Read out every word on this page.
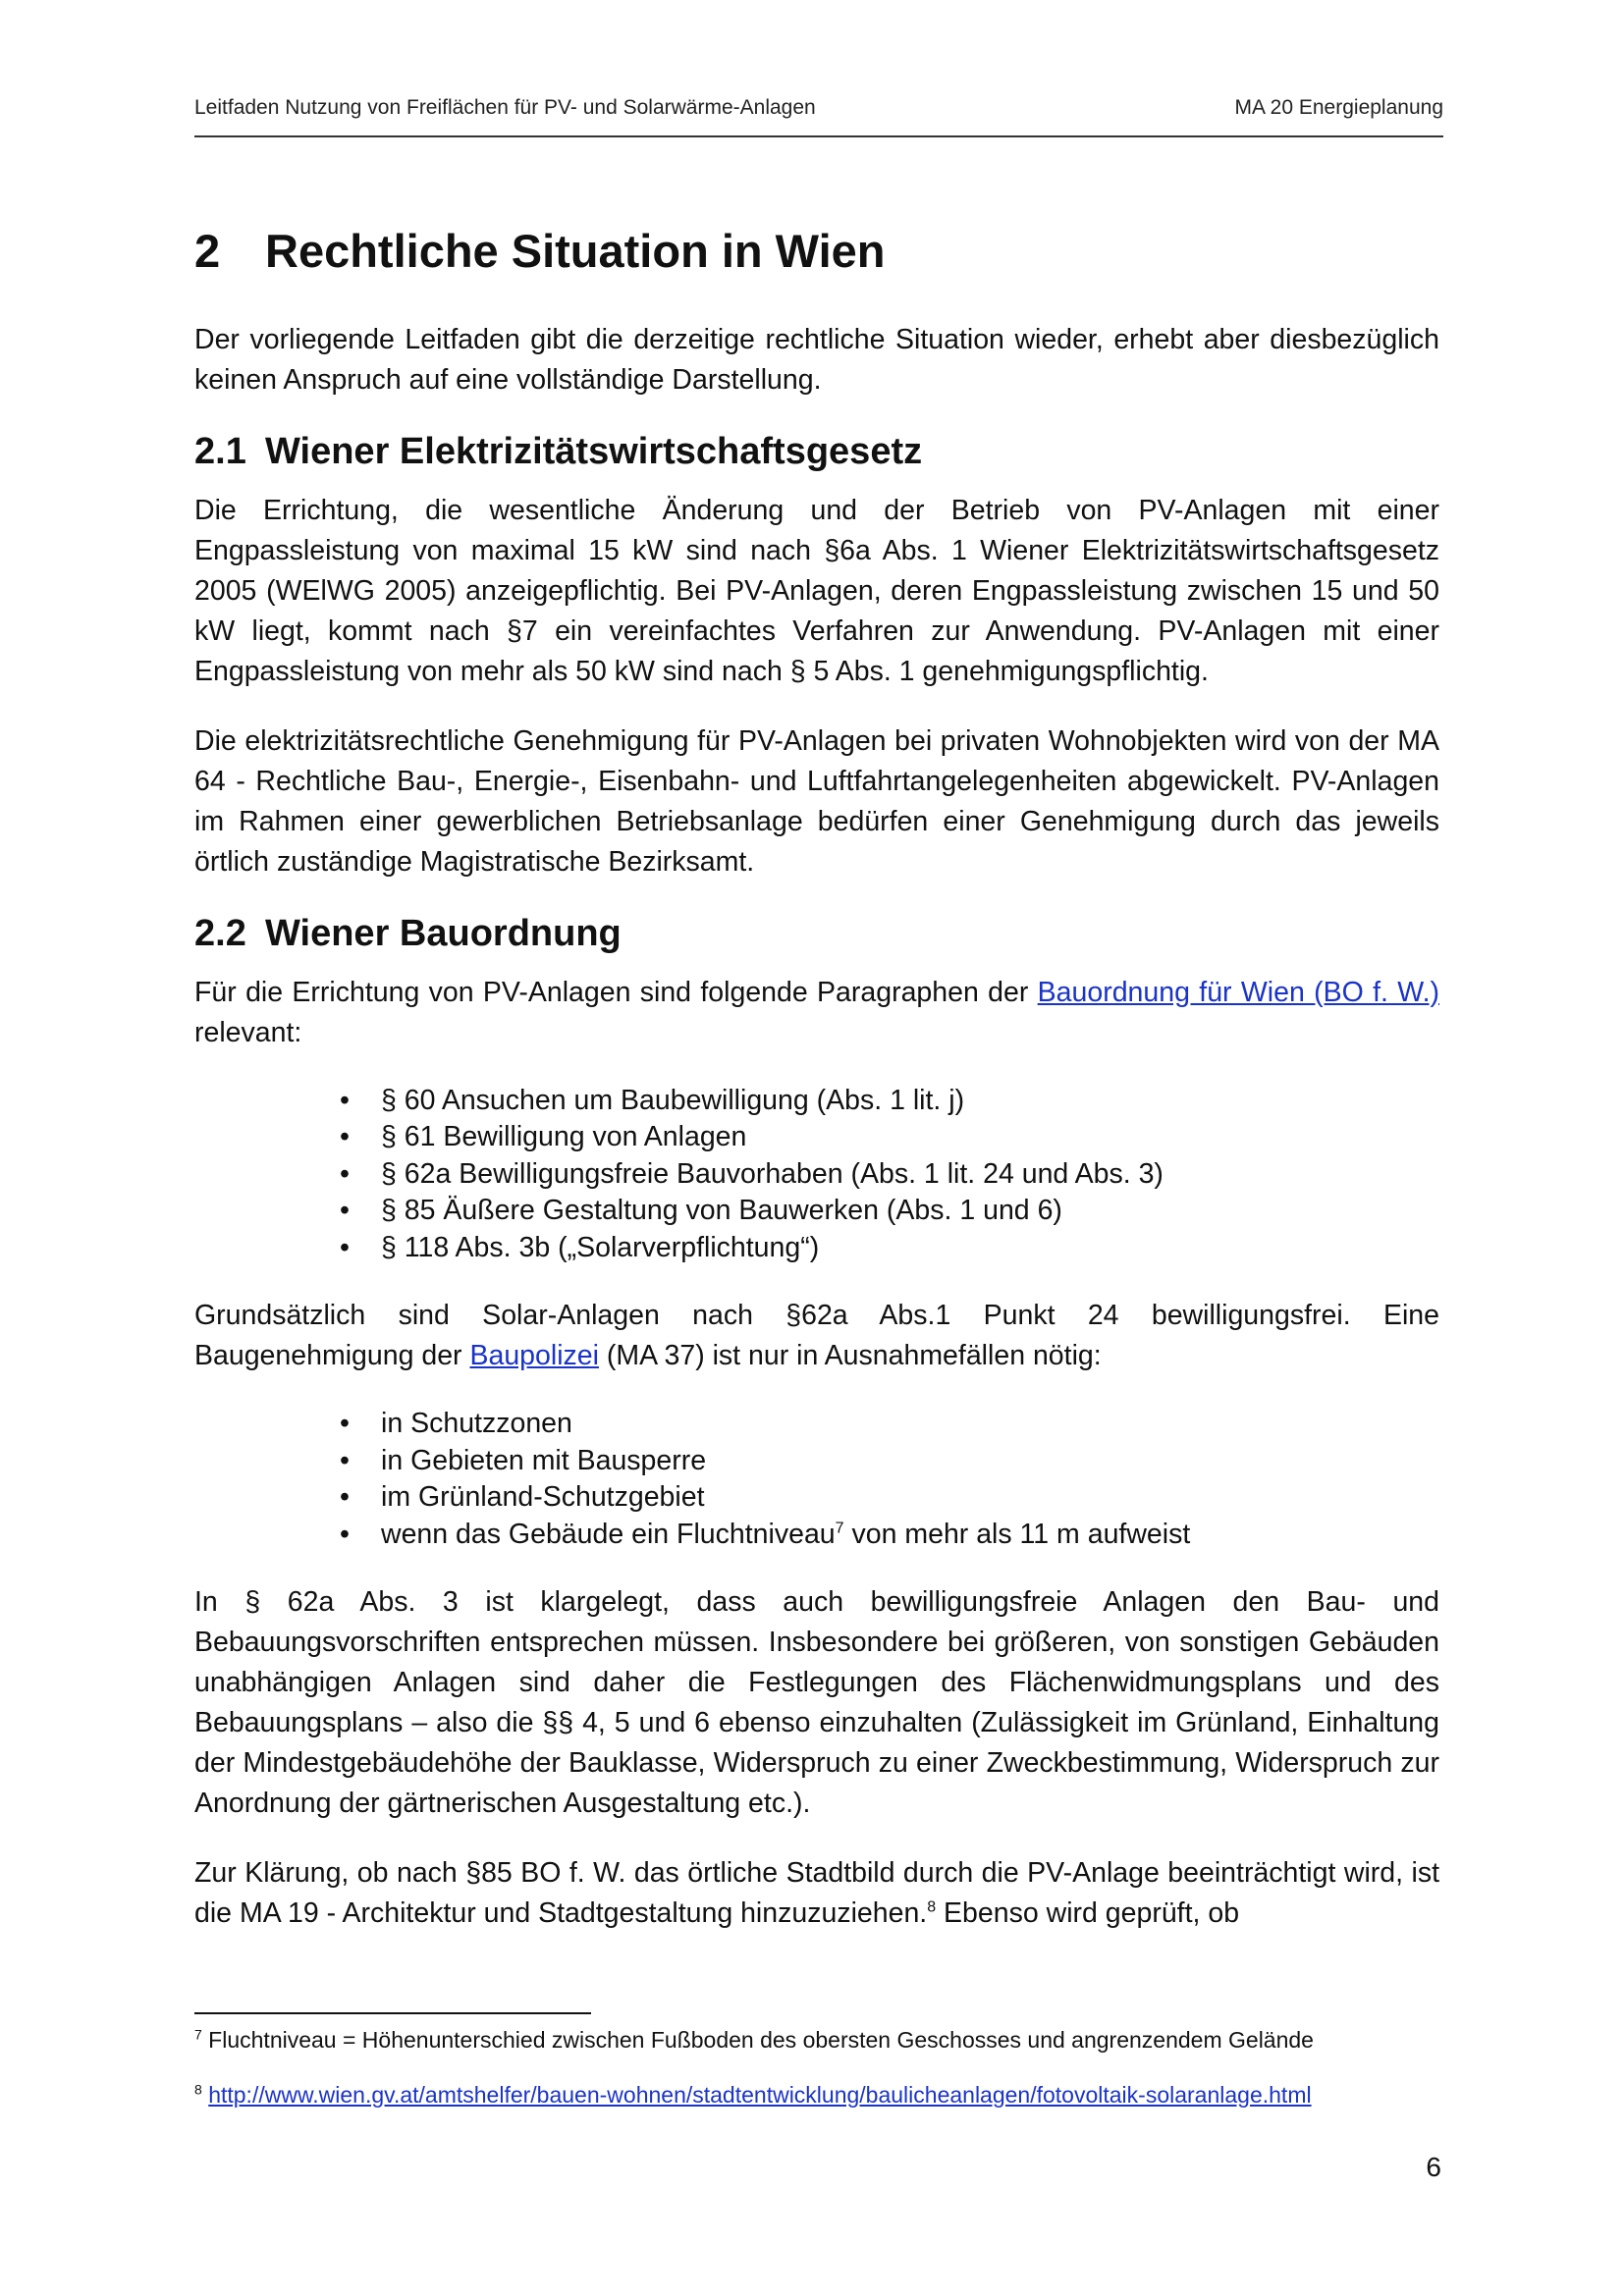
Leitfaden Nutzung von Freiflächen für PV- und Solarwärme-Anlagen	MA 20 Energieplanung
2 Rechtliche Situation in Wien

Der vorliegende Leitfaden gibt die derzeitige rechtliche Situation wieder, erhebt aber diesbezüglich keinen Anspruch auf eine vollständige Darstellung.

2.1 Wiener Elektrizitätswirtschaftsgesetz

Die Errichtung, die wesentliche Änderung und der Betrieb von PV-Anlagen mit einer Engpassleistung von maximal 15 kW sind nach §6a Abs. 1 Wiener Elektrizitätswirtschaftsgesetz 2005 (WElWG 2005) anzeigepflichtig. Bei PV-Anlagen, deren Engpassleistung zwischen 15 und 50 kW liegt, kommt nach §7 ein vereinfachtes Verfahren zur Anwendung. PV-Anlagen mit einer Engpassleistung von mehr als 50 kW sind nach § 5 Abs. 1 genehmigungspflichtig.

Die elektrizitätsrechtliche Genehmigung für PV-Anlagen bei privaten Wohnobjekten wird von der MA 64 - Rechtliche Bau-, Energie-, Eisenbahn- und Luftfahrtangelegenheiten abgewickelt. PV-Anlagen im Rahmen einer gewerblichen Betriebsanlage bedürfen einer Genehmigung durch das jeweils örtlich zuständige Magistratische Bezirksamt.

2.2 Wiener Bauordnung

Für die Errichtung von PV-Anlagen sind folgende Paragraphen der Bauordnung für Wien (BO f. W.) relevant:

• § 60 Ansuchen um Baubewilligung (Abs. 1 lit. j)
• § 61 Bewilligung von Anlagen
• § 62a Bewilligungsfreie Bauvorhaben (Abs. 1 lit. 24 und Abs. 3)
• § 85 Äußere Gestaltung von Bauwerken (Abs. 1 und 6)
• § 118 Abs. 3b („Solarverpflichtung“)

Grundsätzlich sind Solar-Anlagen nach §62a Abs.1 Punkt 24 bewilligungsfrei. Eine Baugenehmigung der Baupolizei (MA 37) ist nur in Ausnahmefällen nötig:

• in Schutzzonen
• in Gebieten mit Bausperre
• im Grünland-Schutzgebiet
• wenn das Gebäude ein Fluchtniveau$^7$ von mehr als 11 m aufweist

In § 62a Abs. 3 ist klargelegt, dass auch bewilligungsfreie Anlagen den Bau- und Bebauungsvorschriften entsprechen müssen. Insbesondere bei größeren, von sonstigen Gebäuden unabhängigen Anlagen sind daher die Festlegungen des Flächenwidmungsplans und des Bebauungsplans – also die §§ 4, 5 und 6 ebenso einzuhalten (Zulässigkeit im Grünland, Einhaltung der Mindestgebäudehöhe der Bauklasse, Widerspruch zu einer Zweckbestimmung, Widerspruch zur Anordnung der gärtnerischen Ausgestaltung etc.).

Zur Klärung, ob nach §85 BO f. W. das örtliche Stadtbild durch die PV-Anlage beeinträchtigt wird, ist die MA 19 - Architektur und Stadtgestaltung hinzuzuziehen.$^8$ Ebenso wird geprüft, ob

$^7$ Fluchtniveau = Höhenunterschied zwischen Fußboden des obersten Geschosses und angrenzendem Gelände
$^8$ http://www.wien.gv.at/amtshelfer/bauen-wohnen/stadtentwicklung/baulicheanlagen/fotovoltaik-solaranlage.html
6
